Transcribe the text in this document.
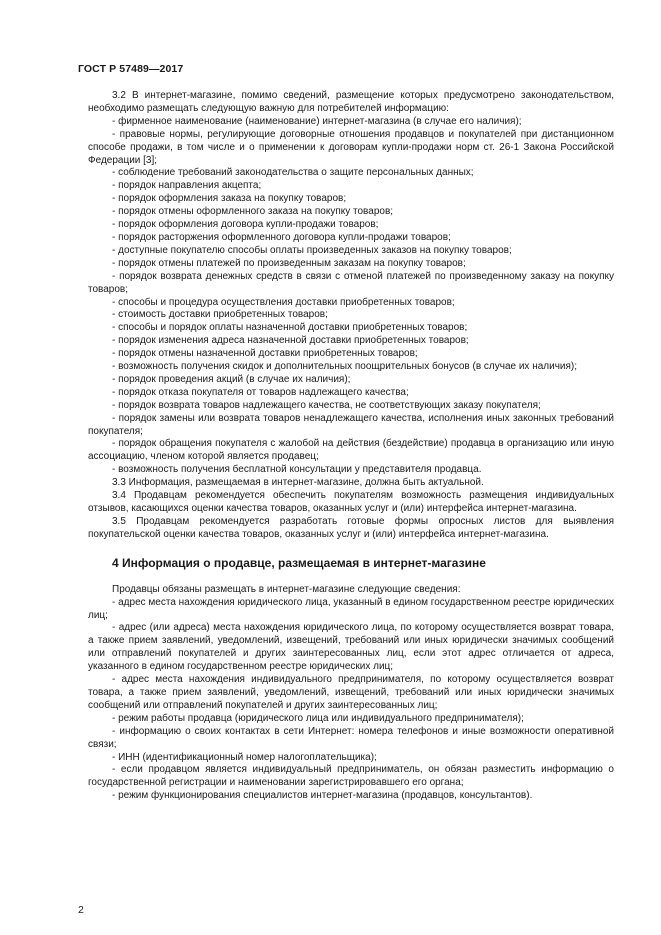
ГОСТ Р 57489—2017

3.2 В интернет-магазине, помимо сведений, размещение которых предусмотрено законодательством, необходимо размещать следующую важную для потребителей информацию:

- фирменное наименование (наименование) интернет-магазина (в случае его наличия);

- правовые нормы, регулирующие договорные отношения продавцов и покупателей при дистанционном способе продажи, в том числе и о применении к договорам купли-продажи норм ст. 26-1 Закона Российской Федерации [3];

- соблюдение требований законодательства о защите персональных данных;

- порядок направления акцепта;

- порядок оформления заказа на покупку товаров;

- порядок отмены оформленного заказа на покупку товаров;

- порядок оформления договора купли-продажи товаров;

- порядок расторжения оформленного договора купли-продажи товаров;

- доступные покупателю способы оплаты произведенных заказов на покупку товаров;

- порядок отмены платежей по произведенным заказам на покупку товаров;

- порядок возврата денежных средств в связи с отменой платежей по произведенному заказу на покупку товаров;

- способы и процедура осуществления доставки приобретенных товаров;

- стоимость доставки приобретенных товаров;

- способы и порядок оплаты назначенной доставки приобретенных товаров;

- порядок изменения адреса назначенной доставки приобретенных товаров;

- порядок отмены назначенной доставки приобретенных товаров;

- возможность получения скидок и дополнительных поощрительных бонусов (в случае их наличия);

- порядок проведения акций (в случае их наличия);

- порядок отказа покупателя от товаров надлежащего качества;

- порядок возврата товаров надлежащего качества, не соответствующих заказу покупателя;

- порядок замены или возврата товаров ненадлежащего качества, исполнения иных законных требований покупателя;

- порядок обращения покупателя с жалобой на действия (бездействие) продавца в организацию или иную ассоциацию, членом которой является продавец;

- возможность получения бесплатной консультации у представителя продавца.

3.3 Информация, размещаемая в интернет-магазине, должна быть актуальной.

3.4 Продавцам рекомендуется обеспечить покупателям возможность размещения индивидуальных отзывов, касающихся оценки качества товаров, оказанных услуг и (или) интерфейса интернет-магазина.

3.5 Продавцам рекомендуется разработать готовые формы опросных листов для выявления покупательской оценки качества товаров, оказанных услуг и (или) интерфейса интернет-магазина.

4 Информация о продавце, размещаемая в интернет-магазине

Продавцы обязаны размещать в интернет-магазине следующие сведения:

- адрес места нахождения юридического лица, указанный в едином государственном реестре юридических лиц;

- адрес (или адреса) места нахождения юридического лица, по которому осуществляется возврат товара, а также прием заявлений, уведомлений, извещений, требований или иных юридически значимых сообщений или отправлений покупателей и других заинтересованных лиц, если этот адрес отличается от адреса, указанного в едином государственном реестре юридических лиц;

- адрес места нахождения индивидуального предпринимателя, по которому осуществляется возврат товара, а также прием заявлений, уведомлений, извещений, требований или иных юридически значимых сообщений или отправлений покупателей и других заинтересованных лиц;

- режим работы продавца (юридического лица или индивидуального предпринимателя);

- информацию о своих контактах в сети Интернет: номера телефонов и иные возможности оперативной связи;

- ИНН (идентификационный номер налогоплательщика);

- если продавцом является индивидуальный предприниматель, он обязан разместить информацию о государственной регистрации и наименовании зарегистрировавшего его органа;

- режим функционирования специалистов интернет-магазина (продавцов, консультантов).

2
